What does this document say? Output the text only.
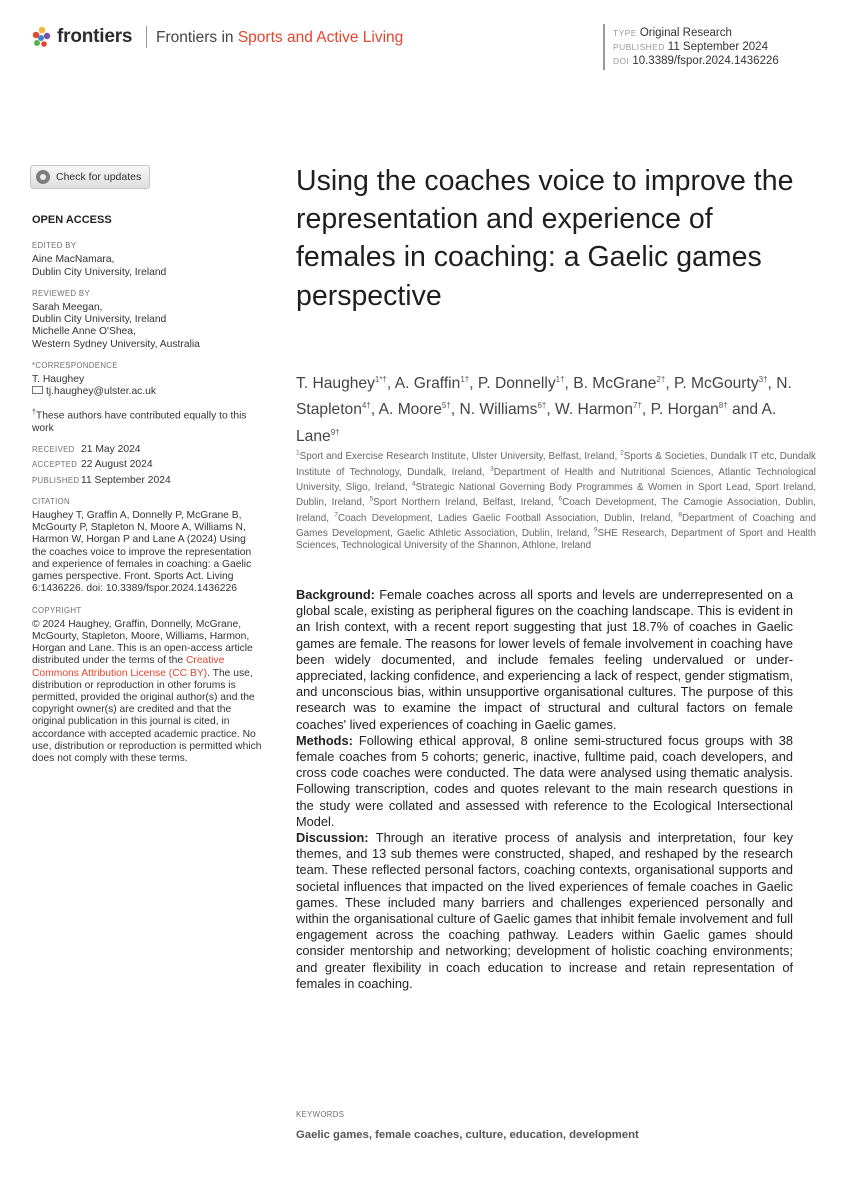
frontiers Frontiers in Sports and Active Living	TYPE Original Research
PUBLISHED 11 September 2024
DOI 10.3389/fspor.2024.1436226
Check for updates
OPEN ACCESS
EDITED BY
Aine MacNamara,
Dublin City University, Ireland
REVIEWED BY
Sarah Meegan,
Dublin City University, Ireland
Michelle Anne O'Shea,
Western Sydney University, Australia
*CORRESPONDENCE
T. Haughey
tj.haughey@ulster.ac.uk
†These authors have contributed equally to this work
RECEIVED 21 May 2024
ACCEPTED 22 August 2024
PUBLISHED 11 September 2024
CITATION

Haughey T, Graffin A, Donnelly P, McGrane B, McGourty P, Stapleton N, Moore A, Williams N, Harmon W, Horgan P and Lane A (2024) Using the coaches voice to improve the representation and experience of females in coaching: a Gaelic games perspective. Front. Sports Act. Living 6:1436226. doi: 10.3389/fspor.2024.1436226

COPYRIGHT

© 2024 Haughey, Graffin, Donnelly, McGrane, McGourty, Stapleton, Moore, Williams, Harmon, Horgan and Lane. This is an open-access article distributed under the terms of the Creative Commons Attribution License (CC BY). The use, distribution or reproduction in other forums is permitted, provided the original author(s) and the copyright owner(s) are credited and that the original publication in this journal is cited, in accordance with accepted academic practice. No use, distribution or reproduction is permitted which does not comply with these terms.

Using the coaches voice to improve the representation and experience of females in coaching: a Gaelic games perspective
T. Haughey$^{1*\dagger}$, A. Graffin$^{1\dagger}$, P. Donnelly$^{1\dagger}$, B. McGrane$^{2\dagger}$, P. McGourty$^{3\dagger}$, N. Stapleton$^{4\dagger}$, A. Moore$^{5\dagger}$, N. Williams$^{6\dagger}$, W. Harmon$^{7\dagger}$, P. Horgan$^{8\dagger}$ and A. Lane$^{9\dagger}$
$^1$Sport and Exercise Research Institute, Ulster University, Belfast, Ireland, $^2$Sports & Societies, Dundalk IT etc, Dundalk Institute of Technology, Dundalk, Ireland, $^3$Department of Health and Nutritional Sciences, Atlantic Technological University, Sligo, Ireland, $^4$Strategic National Governing Body Programmes & Women in Sport Lead, Sport Ireland, Dublin, Ireland, $^5$Sport Northern Ireland, Belfast, Ireland, $^6$Coach Development, The Camogie Association, Dublin, Ireland, $^7$Coach Development, Ladies Gaelic Football Association, Dublin, Ireland, $^8$Department of Coaching and Games Development, Gaelic Athletic Association, Dublin, Ireland, $^9$SHE Research, Department of Sport and Health Sciences, Technological University of the Shannon, Athlone, Ireland

Background: Female coaches across all sports and levels are underrepresented on a global scale, existing as peripheral figures on the coaching landscape. This is evident in an Irish context, with a recent report suggesting that just 18.7% of coaches in Gaelic games are female. The reasons for lower levels of female involvement in coaching have been widely documented, and include females feeling undervalued or under-appreciated, lacking confidence, and experiencing a lack of respect, gender stigmatism, and unconscious bias, within unsupportive organisational cultures. The purpose of this research was to examine the impact of structural and cultural factors on female coaches' lived experiences of coaching in Gaelic games.

Methods: Following ethical approval, 8 online semi-structured focus groups with 38 female coaches from 5 cohorts; generic, inactive, fulltime paid, coach developers, and cross code coaches were conducted. The data were analysed using thematic analysis. Following transcription, codes and quotes relevant to the main research questions in the study were collated and assessed with reference to the Ecological Intersectional Model.

Discussion: Through an iterative process of analysis and interpretation, four key themes, and 13 sub themes were constructed, shaped, and reshaped by the research team. These reflected personal factors, coaching contexts, organisational supports and societal influences that impacted on the lived experiences of female coaches in Gaelic games. These included many barriers and challenges experienced personally and within the organisational culture of Gaelic games that inhibit female involvement and full engagement across the coaching pathway. Leaders within Gaelic games should consider mentorship and networking; development of holistic coaching environments; and greater flexibility in coach education to increase and retain representation of females in coaching.

KEYWORDS
Gaelic games, female coaches, culture, education, development
